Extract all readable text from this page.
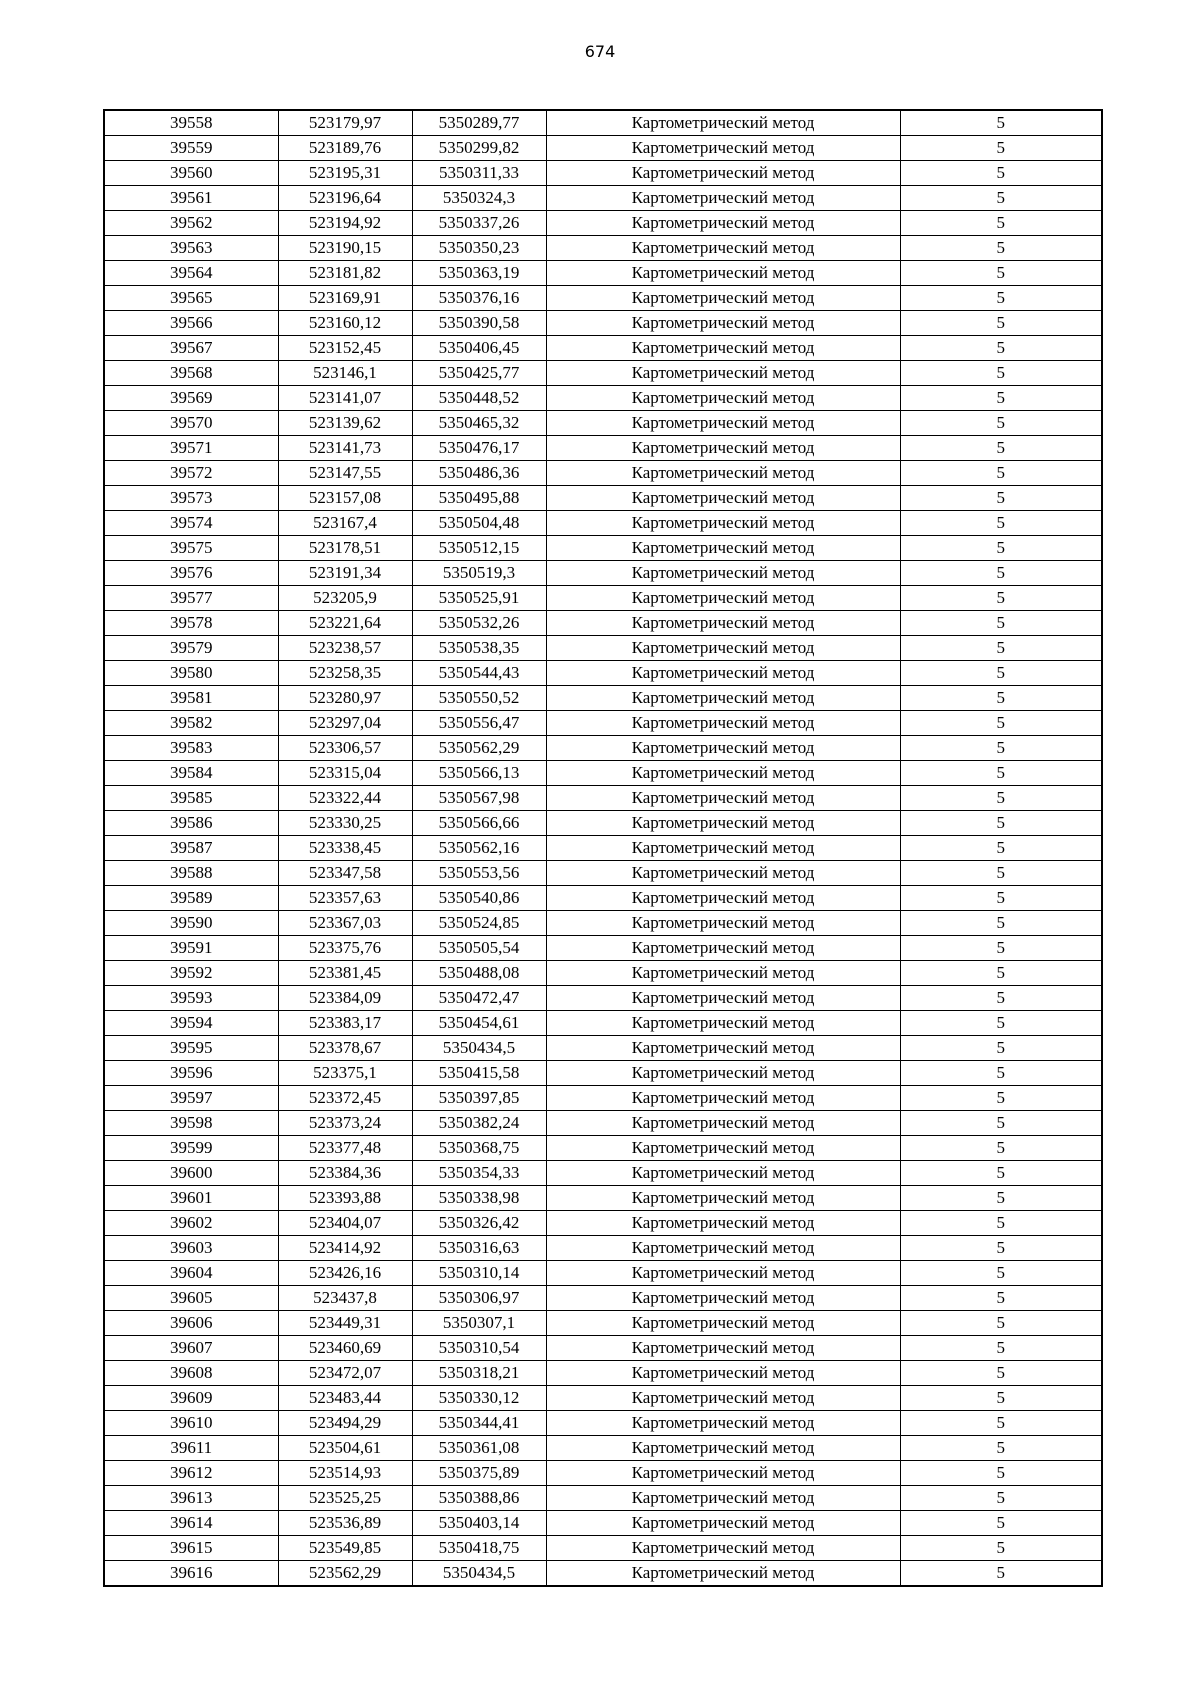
674
39558	523179,97	5350289,77	Картометрический метод	5
39559	523189,76	5350299,82	Картометрический метод	5
39560	523195,31	5350311,33	Картометрический метод	5
39561	523196,64	5350324,3	Картометрический метод	5
39562	523194,92	5350337,26	Картометрический метод	5
39563	523190,15	5350350,23	Картометрический метод	5
39564	523181,82	5350363,19	Картометрический метод	5
39565	523169,91	5350376,16	Картометрический метод	5
39566	523160,12	5350390,58	Картометрический метод	5
39567	523152,45	5350406,45	Картометрический метод	5
39568	523146,1	5350425,77	Картометрический метод	5
39569	523141,07	5350448,52	Картометрический метод	5
39570	523139,62	5350465,32	Картометрический метод	5
39571	523141,73	5350476,17	Картометрический метод	5
39572	523147,55	5350486,36	Картометрический метод	5
39573	523157,08	5350495,88	Картометрический метод	5
39574	523167,4	5350504,48	Картометрический метод	5
39575	523178,51	5350512,15	Картометрический метод	5
39576	523191,34	5350519,3	Картометрический метод	5
39577	523205,9	5350525,91	Картометрический метод	5
39578	523221,64	5350532,26	Картометрический метод	5
39579	523238,57	5350538,35	Картометрический метод	5
39580	523258,35	5350544,43	Картометрический метод	5
39581	523280,97	5350550,52	Картометрический метод	5
39582	523297,04	5350556,47	Картометрический метод	5
39583	523306,57	5350562,29	Картометрический метод	5
39584	523315,04	5350566,13	Картометрический метод	5
39585	523322,44	5350567,98	Картометрический метод	5
39586	523330,25	5350566,66	Картометрический метод	5
39587	523338,45	5350562,16	Картометрический метод	5
39588	523347,58	5350553,56	Картометрический метод	5
39589	523357,63	5350540,86	Картометрический метод	5
39590	523367,03	5350524,85	Картометрический метод	5
39591	523375,76	5350505,54	Картометрический метод	5
39592	523381,45	5350488,08	Картометрический метод	5
39593	523384,09	5350472,47	Картометрический метод	5
39594	523383,17	5350454,61	Картометрический метод	5
39595	523378,67	5350434,5	Картометрический метод	5
39596	523375,1	5350415,58	Картометрический метод	5
39597	523372,45	5350397,85	Картометрический метод	5
39598	523373,24	5350382,24	Картометрический метод	5
39599	523377,48	5350368,75	Картометрический метод	5
39600	523384,36	5350354,33	Картометрический метод	5
39601	523393,88	5350338,98	Картометрический метод	5
39602	523404,07	5350326,42	Картометрический метод	5
39603	523414,92	5350316,63	Картометрический метод	5
39604	523426,16	5350310,14	Картометрический метод	5
39605	523437,8	5350306,97	Картометрический метод	5
39606	523449,31	5350307,1	Картометрический метод	5
39607	523460,69	5350310,54	Картометрический метод	5
39608	523472,07	5350318,21	Картометрический метод	5
39609	523483,44	5350330,12	Картометрический метод	5
39610	523494,29	5350344,41	Картометрический метод	5
39611	523504,61	5350361,08	Картометрический метод	5
39612	523514,93	5350375,89	Картометрический метод	5
39613	523525,25	5350388,86	Картометрический метод	5
39614	523536,89	5350403,14	Картометрический метод	5
39615	523549,85	5350418,75	Картометрический метод	5
39616	523562,29	5350434,5	Картометрический метод	5
